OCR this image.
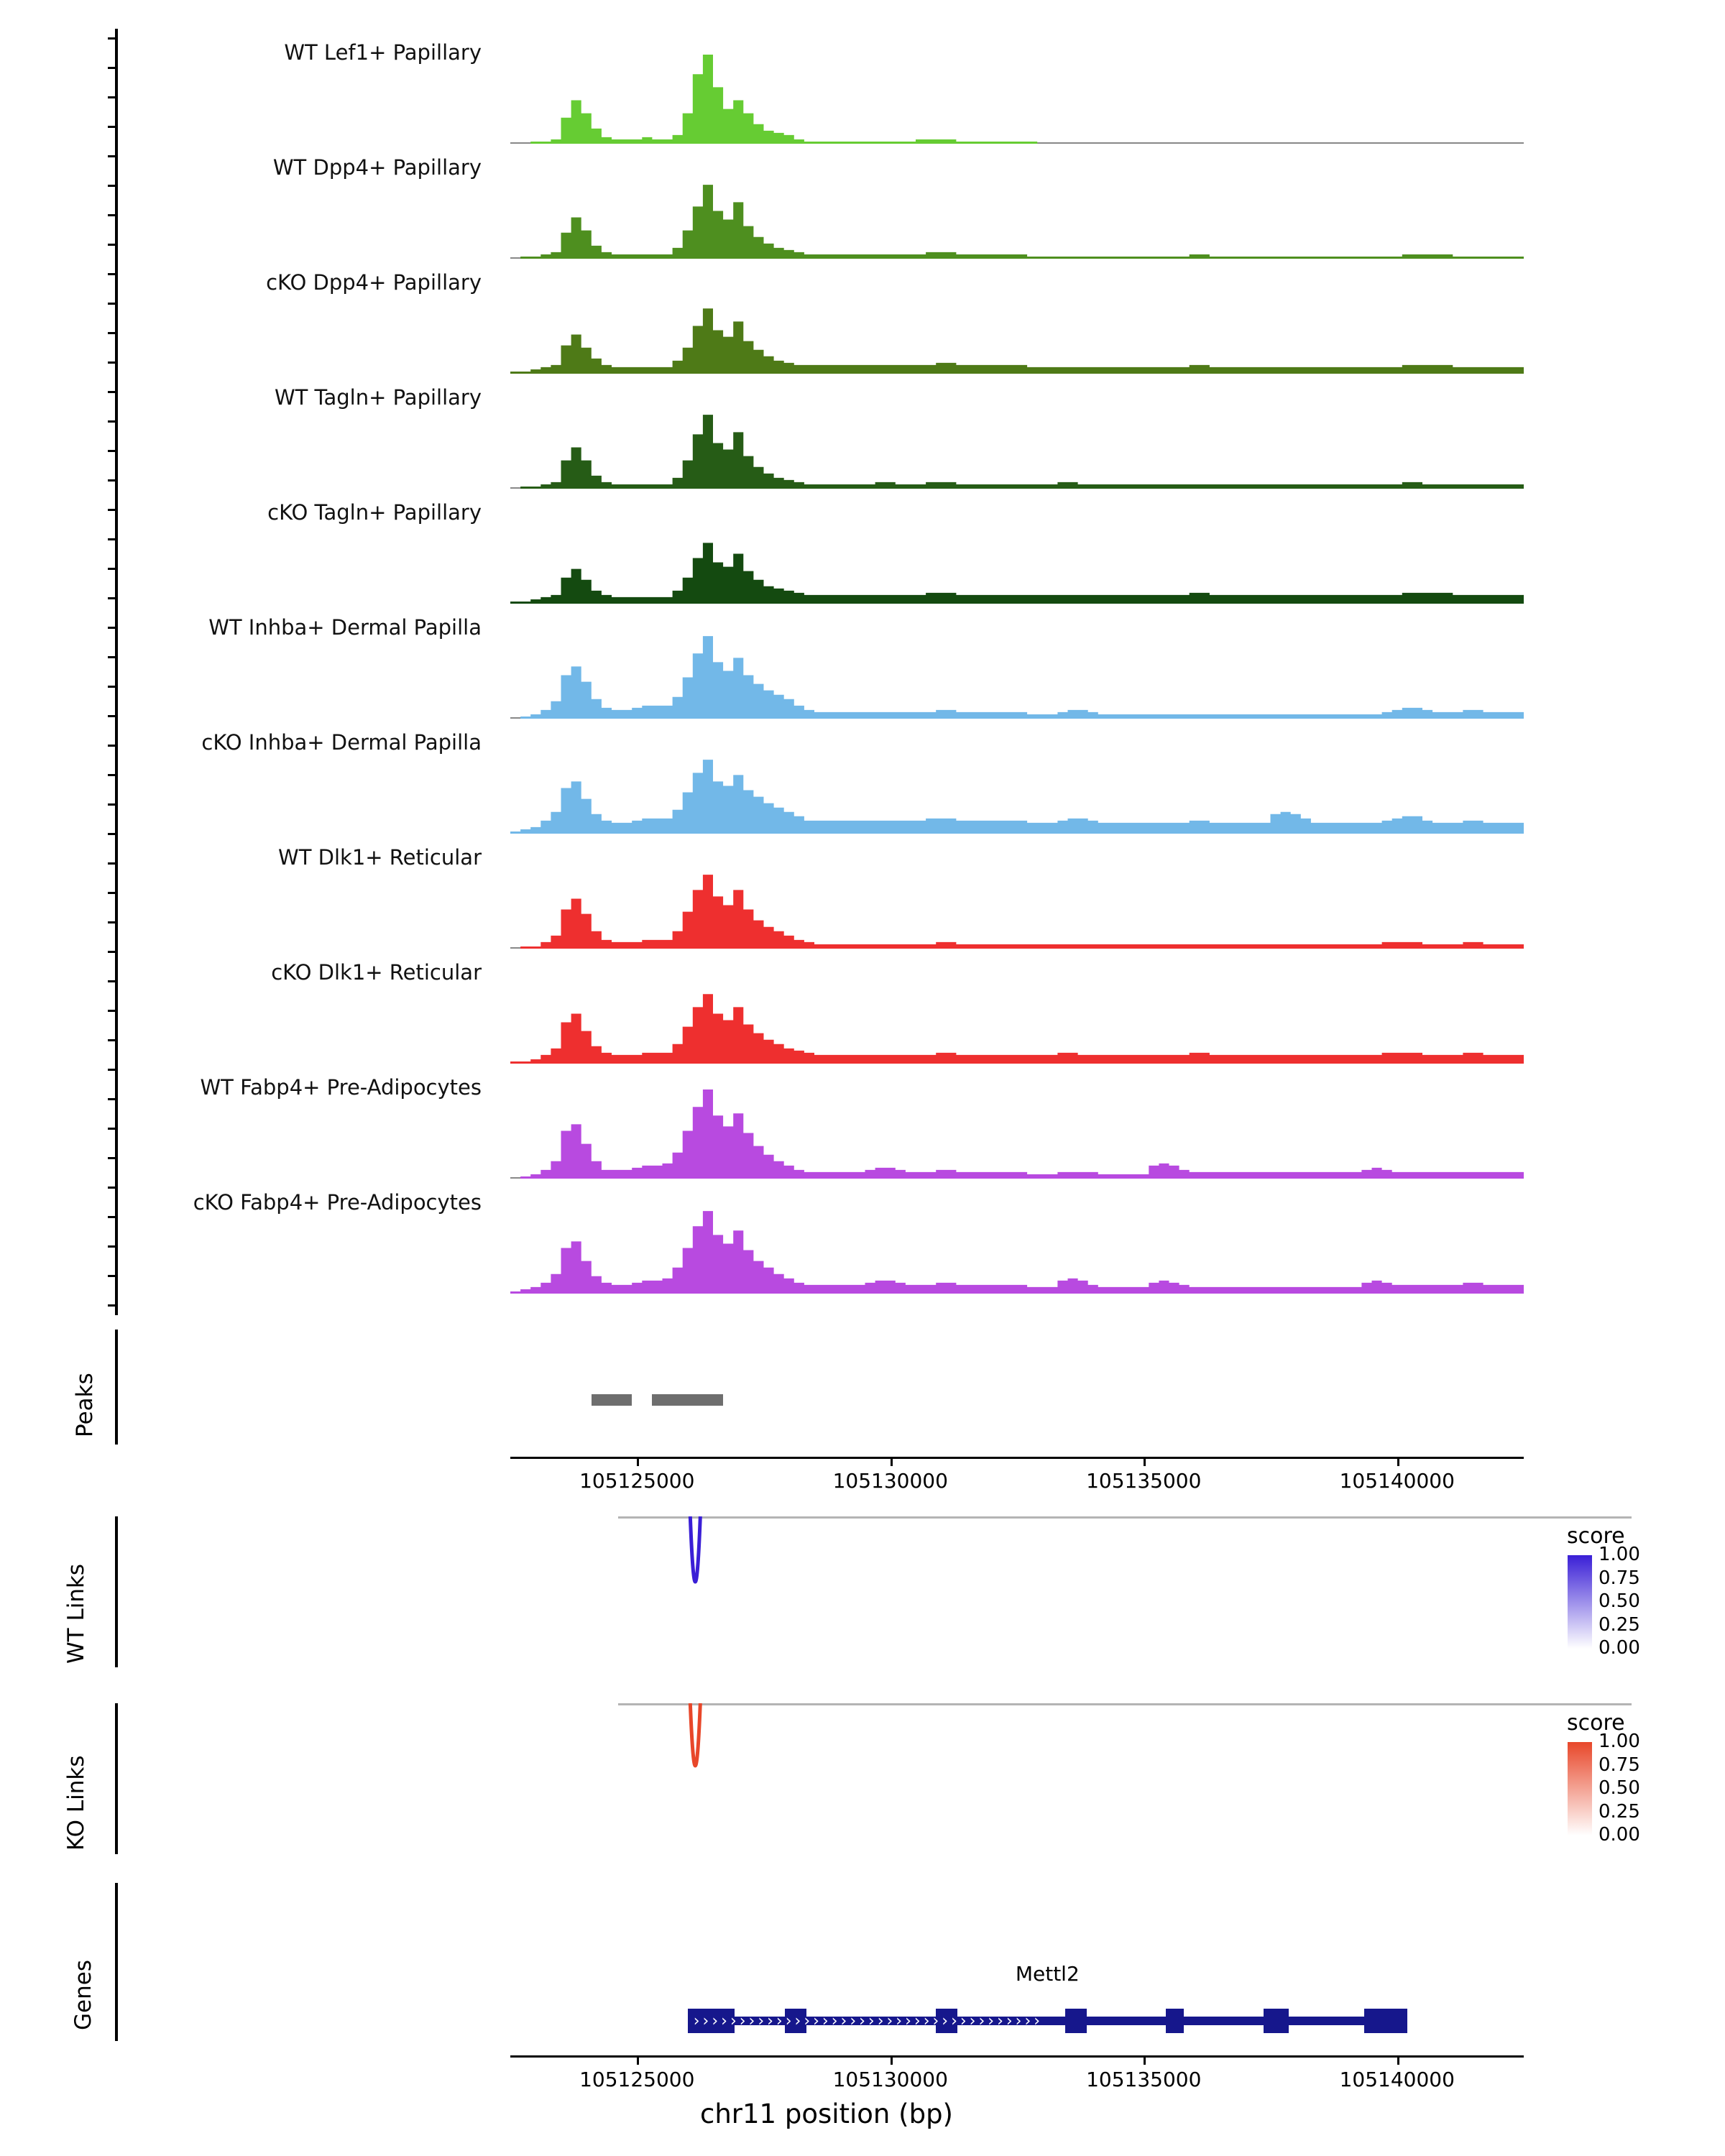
WT Lef1+ Papillary
WT Dpp4+ Papillary
cKO Dpp4+ Papillary
WT Tagln+ Papillary
cKO Tagln+ Papillary
WT Inhba+ Dermal Papilla
cKO Inhba+ Dermal Papilla
WT Dlk1+ Reticular
cKO Dlk1+ Reticular
WT Fabp4+ Pre-Adipocytes
cKO Fabp4+ Pre-Adipocytes
Peaks
105125000	105130000	105135000	105140000
WT Links
KO Links
score
1.00
0.75
0.50
0.25
0.00
score
1.00
0.75
0.50
0.25
0.00
Genes	Mettl2
››››››››››››››››››››››››››››››››››››››
105125000	105130000	105135000	105140000
chr11 position (bp)
